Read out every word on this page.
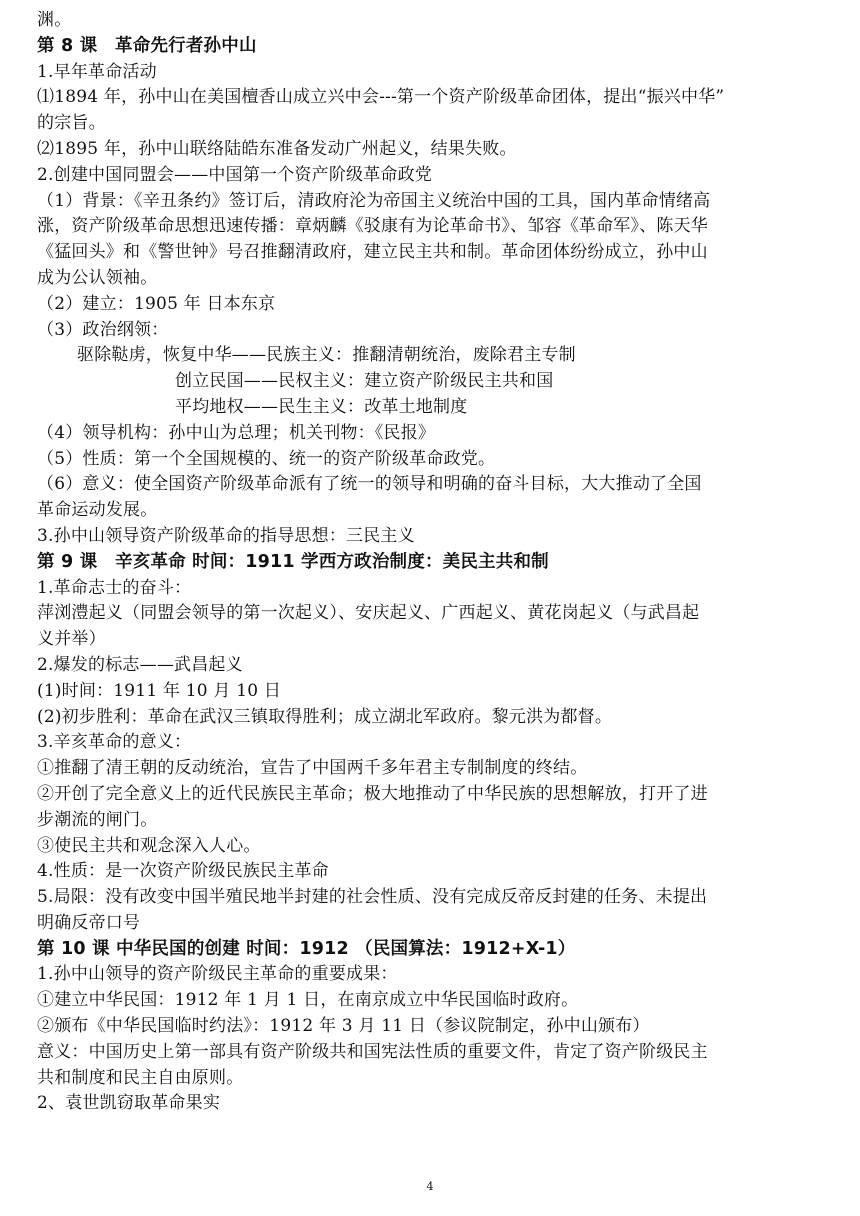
渊。
第 8 课　革命先行者孙中山
1.早年革命活动
⑴1894 年，孙中山在美国檀香山成立兴中会---第一个资产阶级革命团体，提出“振兴中华”
的宗旨。
⑵1895 年，孙中山联络陆皓东准备发动广州起义，结果失败。
2.创建中国同盟会——中国第一个资产阶级革命政党
（1）背景：《辛丑条约》签订后，清政府沦为帝国主义统治中国的工具，国内革命情绪高
涨，资产阶级革命思想迅速传播：章炳麟《驳康有为论革命书》、邹容《革命军》、陈天华
《猛回头》和《警世钟》号召推翻清政府，建立民主共和制。革命团体纷纷成立，孙中山
成为公认领袖。
（2）建立：1905 年 日本东京
（3）政治纲领：
驱除鞑虏，恢复中华——民族主义：推翻清朝统治，废除君主专制
创立民国——民权主义：建立资产阶级民主共和国
平均地权——民生主义：改革土地制度
（4）领导机构：孙中山为总理；机关刊物：《民报》
（5）性质：第一个全国规模的、统一的资产阶级革命政党。
（6）意义：使全国资产阶级革命派有了统一的领导和明确的奋斗目标，大大推动了全国
革命运动发展。
3.孙中山领导资产阶级革命的指导思想：三民主义
第 9 课　辛亥革命 时间：1911 学西方政治制度：美民主共和制
1.革命志士的奋斗：
萍浏澧起义（同盟会领导的第一次起义）、安庆起义、广西起义、黄花岗起义（与武昌起
义并举）
2.爆发的标志——武昌起义
(1)时间：1911 年 10 月 10 日
(2)初步胜利：革命在武汉三镇取得胜利；成立湖北军政府。黎元洪为都督。
3.辛亥革命的意义：
①推翻了清王朝的反动统治，宣告了中国两千多年君主专制制度的终结。
②开创了完全意义上的近代民族民主革命；极大地推动了中华民族的思想解放，打开了进
步潮流的闸门。
③使民主共和观念深入人心。
4.性质：是一次资产阶级民族民主革命
5.局限：没有改变中国半殖民地半封建的社会性质、没有完成反帝反封建的任务、未提出
明确反帝口号
第 10 课 中华民国的创建 时间：1912 （民国算法：1912+X-1）
1.孙中山领导的资产阶级民主革命的重要成果：
①建立中华民国：1912 年 1 月 1 日，在南京成立中华民国临时政府。
②颁布《中华民国临时约法》：1912 年 3 月 11 日（参议院制定，孙中山颁布）
意义：中国历史上第一部具有资产阶级共和国宪法性质的重要文件，肯定了资产阶级民主
共和制度和民主自由原则。
2、袁世凯窃取革命果实
4
